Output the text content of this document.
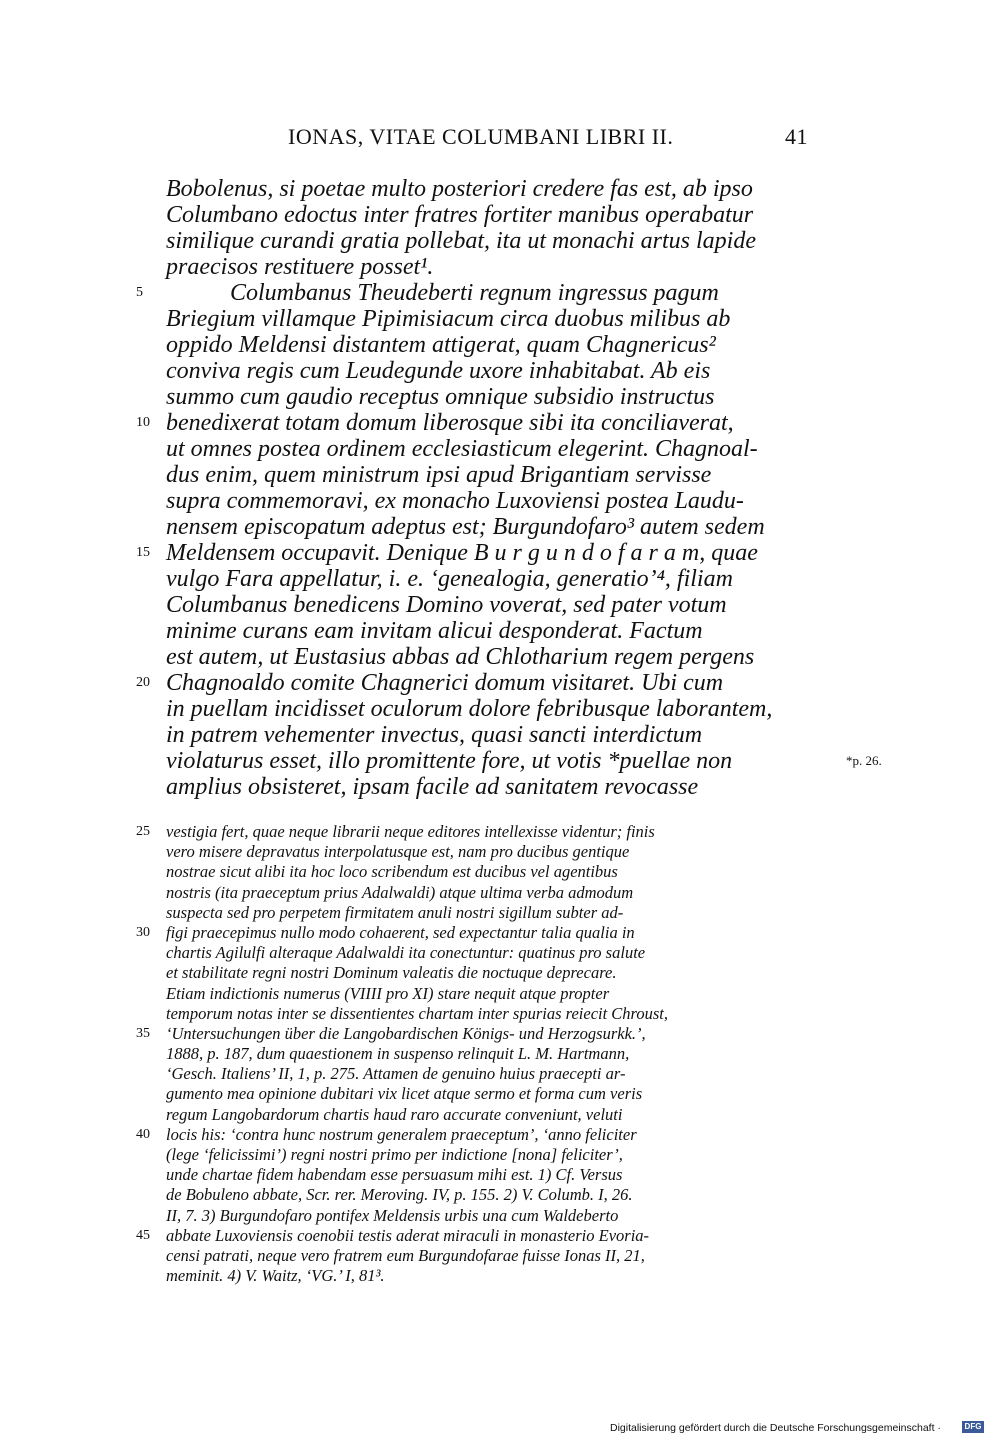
IONAS, VITAE COLUMBANI LIBRI II.	41
Bobolenus, si poetae multo posteriori credere fas est, ab ipso
Columbano edoctus inter fratres fortiter manibus operabatur
similique curandi gratia pollebat, ita ut monachi artus lapide
praecisos restituere posset¹.
5	Columbanus Theudeberti regnum ingressus pagum
Briegium villamque Pipimisiacum circa duobus milibus ab
oppido Meldensi distantem attigerat, quam Chagnericus²
conviva regis cum Leudegunde uxore inhabitabat. Ab eis
summo cum gaudio receptus omnique subsidio instructus
10 benedixerat totam domum liberosque sibi ita conciliaverat,
ut omnes postea ordinem ecclesiasticum elegerint. Chagnoal-
dus enim, quem ministrum ipsi apud Brigantiam servisse
supra commemoravi, ex monacho Luxoviensi postea Laudu-
nensem episcopatum adeptus est; Burgundofaro³ autem sedem
15 Meldensem occupavit. Denique B u r g u n d o f a r a m, quae
vulgo Fara appellatur, i. e. ‘genealogia, generatio’⁴, filiam
Columbanus benedicens Domino voverat, sed pater votum
minime curans eam invitam alicui desponderat. Factum
est autem, ut Eustasius abbas ad Chlotharium regem pergens
20 Chagnoaldo comite Chagnerici domum visitaret. Ubi cum
in puellam incidisset oculorum dolore febribusque laborantem,
in patrem vehementer invectus, quasi sancti interdictum
violaturus esset, illo promittente fore, ut votis *puellae non	*p. 26.
amplius obsisteret, ipsam facile ad sanitatem revocasse
25 vestigia fert, quae neque librarii neque editores intellexisse videntur; finis
vero misere depravatus interpolatusque est, nam pro ducibus gentique
nostrae sicut alibi ita hoc loco scribendum est ducibus vel agentibus
nostris (ita praeceptum prius Adalwaldi) atque ultima verba admodum
suspecta sed pro perpetem firmitatem anuli nostri sigillum subter ad-
30 figi praecepimus nullo modo cohaerent, sed expectantur talia qualia in
chartis Agilulfi alteraque Adalwaldi ita conectuntur: quatinus pro salute
et stabilitate regni nostri Dominum valeatis die noctuque deprecare.
Etiam indictionis numerus (VIIII pro XI) stare nequit atque propter
temporum notas inter se dissentientes chartam inter spurias reiecit Chroust,
35 ‘Untersuchungen über die Langobardischen Königs- und Herzogsurkk.’,
1888, p. 187, dum quaestionem in suspenso relinquit L. M. Hartmann,
‘Gesch. Italiens’ II, 1, p. 275. Attamen de genuino huius praecepti ar-
gumento mea opinione dubitari vix licet atque sermo et forma cum veris
regum Langobardorum chartis haud raro accurate conveniunt, veluti
40 locis his: ‘contra hunc nostrum generalem praeceptum’, ‘anno feliciter
(lege ‘felicissimi’) regni nostri primo per indictione [nona] feliciter’,
unde chartae fidem habendam esse persuasum mihi est. 1) Cf. Versus
de Bobuleno abbate, Scr. rer. Meroving. IV, p. 155. 2) V. Columb. I, 26.
II, 7. 3) Burgundofaro pontifex Meldensis urbis una cum Waldeberto
45 abbate Luxoviensis coenobii testis aderat miraculi in monasterio Evoria-
censi patrati, neque vero fratrem eum Burgundofarae fuisse Ionas II, 21,
meminit. 4) V. Waitz, ‘VG.’ I, 81³.
Digitalisierung gefördert durch die Deutsche Forschungsgemeinschaft ·	DFG
